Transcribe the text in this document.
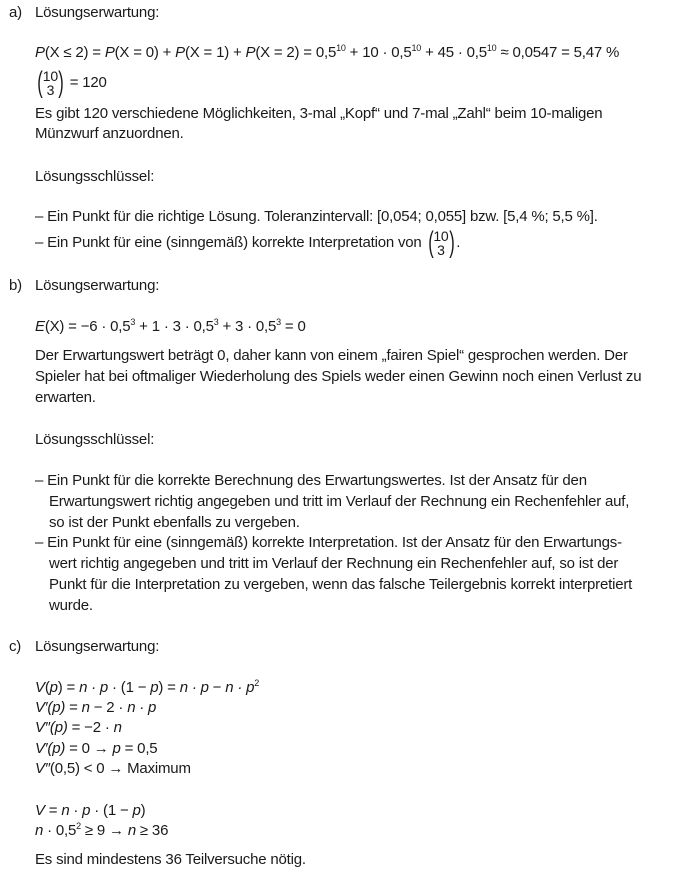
a) Lösungserwartung:
$P(X \le 2) = P(X = 0) + P(X = 1) + P(X = 2) = 0,5^{10} + 10 \cdot 0,5^{10} + 45 \cdot 0,5^{10} \approx 0,0547 = 5,47$ %
( 10
3 ) = 120
Es gibt 120 verschiedene Möglichkeiten, 3-mal „Kopf“ und 7-mal „Zahl“ beim 10-maligen
Münzwurf anzuordnen.
Lösungsschlüssel:
– Ein Punkt für die richtige Lösung. Toleranzintervall: [0,054; 0,055] bzw. [5,4 %; 5,5 %].
– Ein Punkt für eine (sinngemäß) korrekte Interpretation von ( 10
3 ) .
b) Lösungserwartung:
$E(X) = -6 \cdot 0,5^3 + 1 \cdot 3 \cdot 0,5^3 + 3 \cdot 0,5^3 = 0$
Der Erwartungswert beträgt 0, daher kann von einem „fairen Spiel“ gesprochen werden. Der
Spieler hat bei oftmaliger Wiederholung des Spiels weder einen Gewinn noch einen Verlust zu
erwarten.
Lösungsschlüssel:
– Ein Punkt für die korrekte Berechnung des Erwartungswertes. Ist der Ansatz für den
Erwartungswert richtig angegeben und tritt im Verlauf der Rechnung ein Rechenfehler auf,
so ist der Punkt ebenfalls zu vergeben.
– Ein Punkt für eine (sinngemäß) korrekte Interpretation. Ist der Ansatz für den Erwartungs-
wert richtig angegeben und tritt im Verlauf der Rechnung ein Rechenfehler auf, so ist der
Punkt für die Interpretation zu vergeben, wenn das falsche Teilergebnis korrekt interpretiert
wurde.
c) Lösungserwartung:
$V(p) = n \cdot p \cdot (1 - p) = n \cdot p - n \cdot p^2$
V′(p) = n − 2 · n · p
V″(p) = −2 · n
V′(p) = 0 → p = 0,5
V″(0,5) < 0 → Maximum
V = n · p · (1 − p)
$n \cdot 0,5^2 \ge 9 \to n \ge 36$
Es sind mindestens 36 Teilversuche nötig.
